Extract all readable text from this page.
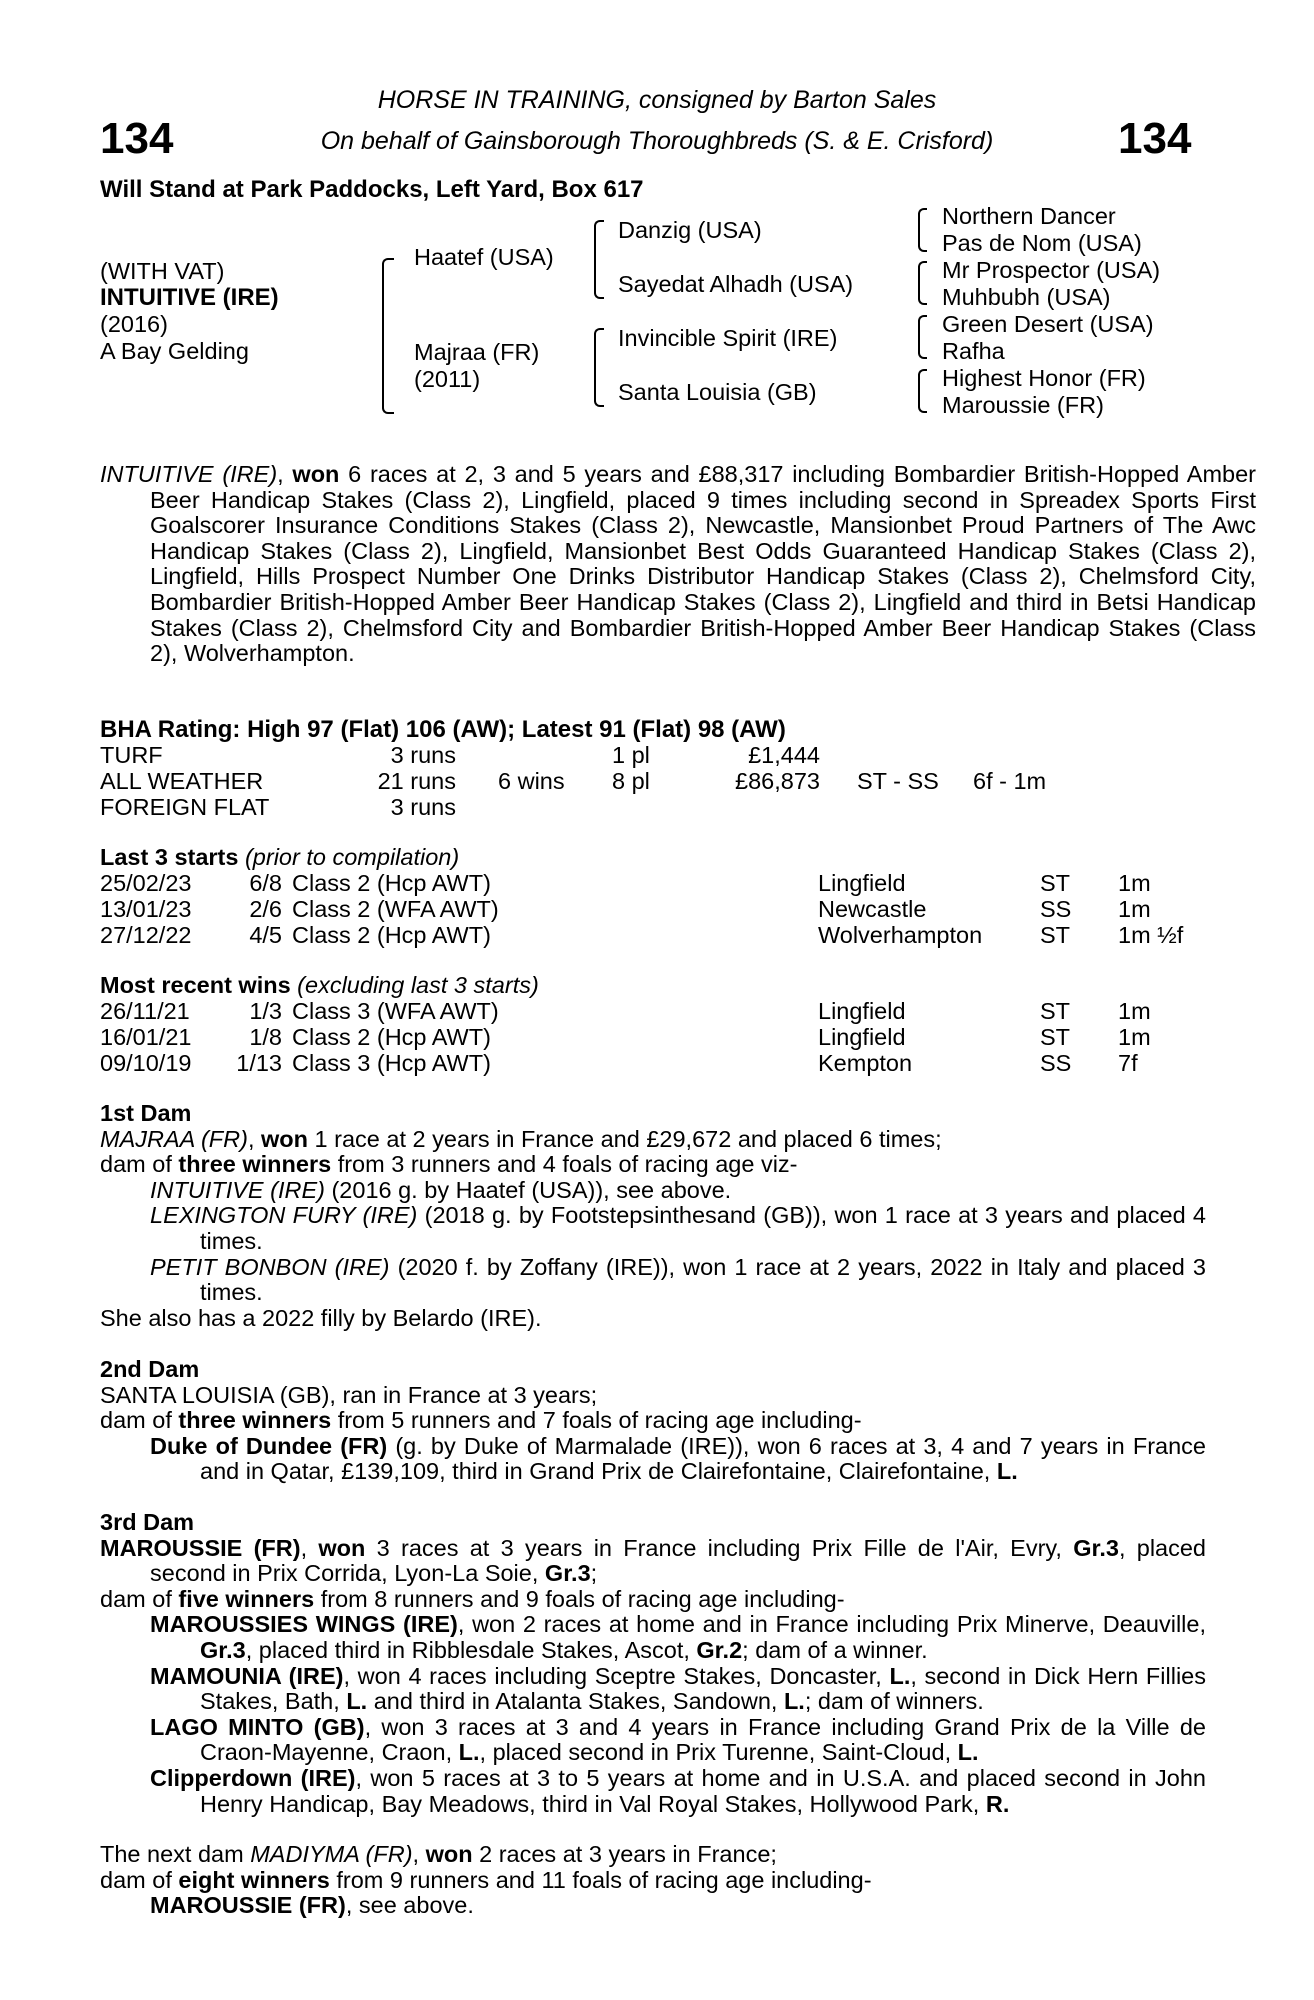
134	134
HORSE IN TRAINING, consigned by Barton Sales
On behalf of Gainsborough Thoroughbreds (S. & E. Crisford)
Will Stand at Park Paddocks, Left Yard, Box 617
(WITH VAT)
INTUITIVE (IRE)
(2016)
A Bay Gelding
Haatef (USA)
Majraa (FR)
(2011)
Danzig (USA)
Sayedat Alhadh (USA)
Invincible Spirit (IRE)
Santa Louisia (GB)
Northern Dancer
Pas de Nom (USA)
Mr Prospector (USA)
Muhbubh (USA)
Green Desert (USA)
Rafha
Highest Honor (FR)
Maroussie (FR)
INTUITIVE (IRE), won 6 races at 2, 3 and 5 years and £88,317 including Bombardier British-Hopped Amber Beer Handicap Stakes (Class 2), Lingfield, placed 9 times including second in Spreadex Sports First Goalscorer Insurance Conditions Stakes (Class 2), Newcastle, Mansionbet Proud Partners of The Awc Handicap Stakes (Class 2), Lingfield, Mansionbet Best Odds Guaranteed Handicap Stakes (Class 2), Lingfield, Hills Prospect Number One Drinks Distributor Handicap Stakes (Class 2), Chelmsford City, Bombardier British-Hopped Amber Beer Handicap Stakes (Class 2), Lingfield and third in Betsi Handicap Stakes (Class 2), Chelmsford City and Bombardier British-Hopped Amber Beer Handicap Stakes (Class 2), Wolverhampton.
BHA Rating: High 97 (Flat) 106 (AW); Latest 91 (Flat) 98 (AW)
TURF	3 runs	1 pl	£1,444
ALL WEATHER	21 runs 6 wins 8 pl	£86,873 ST - SS 6f - 1m
FOREIGN FLAT	3 runs
Last 3 starts (prior to compilation)
25/02/23	6/8 Class 2 (Hcp AWT)	Lingfield	ST 1m
13/01/23	2/6 Class 2 (WFA AWT)	Newcastle	SS 1m
27/12/22	4/5 Class 2 (Hcp AWT)	Wolverhampton ST 1m ½f
Most recent wins (excluding last 3 starts)
26/11/21	1/3 Class 3 (WFA AWT)	Lingfield	ST 1m
16/01/21	1/8 Class 2 (Hcp AWT)	Lingfield	ST 1m
09/10/19	1/13 Class 3 (Hcp AWT)	Kempton	SS 7f
1st Dam
MAJRAA (FR), won 1 race at 2 years in France and £29,672 and placed 6 times;
dam of three winners from 3 runners and 4 foals of racing age viz-
INTUITIVE (IRE) (2016 g. by Haatef (USA)), see above.
LEXINGTON FURY (IRE) (2018 g. by Footstepsinthesand (GB)), won 1 race at 3 years and placed 4 times.
PETIT BONBON (IRE) (2020 f. by Zoffany (IRE)), won 1 race at 2 years, 2022 in Italy and placed 3 times.
She also has a 2022 filly by Belardo (IRE).
2nd Dam
SANTA LOUISIA (GB), ran in France at 3 years;
dam of three winners from 5 runners and 7 foals of racing age including-
Duke of Dundee (FR) (g. by Duke of Marmalade (IRE)), won 6 races at 3, 4 and 7 years in France and in Qatar, £139,109, third in Grand Prix de Clairefontaine, Clairefontaine, L.
3rd Dam
MAROUSSIE (FR), won 3 races at 3 years in France including Prix Fille de l'Air, Evry, Gr.3, placed second in Prix Corrida, Lyon-La Soie, Gr.3;
dam of five winners from 8 runners and 9 foals of racing age including-
MAROUSSIES WINGS (IRE), won 2 races at home and in France including Prix Minerve, Deauville, Gr.3, placed third in Ribblesdale Stakes, Ascot, Gr.2; dam of a winner.
MAMOUNIA (IRE), won 4 races including Sceptre Stakes, Doncaster, L., second in Dick Hern Fillies Stakes, Bath, L. and third in Atalanta Stakes, Sandown, L.; dam of winners.
LAGO MINTO (GB), won 3 races at 3 and 4 years in France including Grand Prix de la Ville de Craon-Mayenne, Craon, L., placed second in Prix Turenne, Saint-Cloud, L.
Clipperdown (IRE), won 5 races at 3 to 5 years at home and in U.S.A. and placed second in John Henry Handicap, Bay Meadows, third in Val Royal Stakes, Hollywood Park, R.
The next dam MADIYMA (FR), won 2 races at 3 years in France;
dam of eight winners from 9 runners and 11 foals of racing age including-
MAROUSSIE (FR), see above.
